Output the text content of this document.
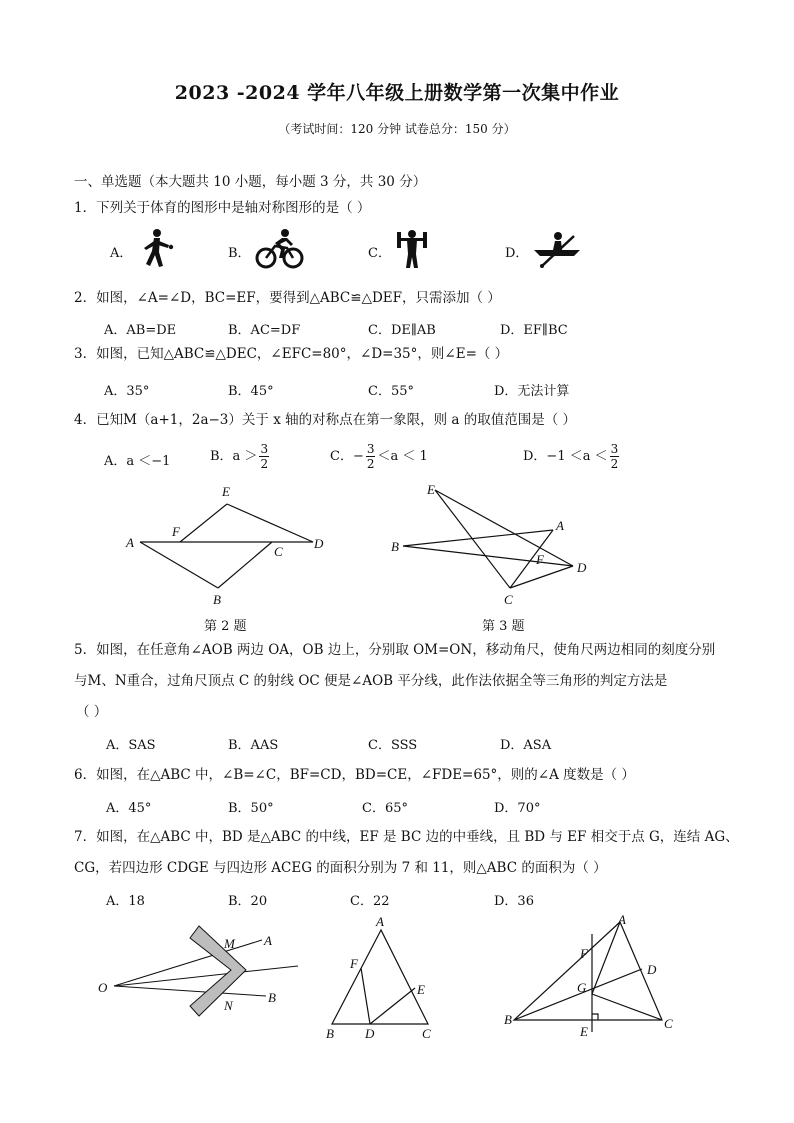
2023 -2024 学年八年级上册数学第一次集中作业
（考试时间：120 分钟 试卷总分：150 分）
一、单选题（本大题共 10 小题，每小题 3 分，共 30 分）
1．下列关于体育的图形中是轴对称图形的是（ ）
A．	B．	C．	D．
2．如图，∠A=∠D，BC=EF，要得到△ABC≌△DEF，只需添加（ ）
A．AB=DE	B．AC=DF	C．DE∥AB	D．EF∥BC
3．如图，已知△ABC≌△DEC，∠EFC=80°，∠D=35°，则∠E=（ ）
A．35°	B．45°	C．55°	D．无法计算
4．已知M（a+1，2a−3）关于 x 轴的对称点在第一象限，则 a 的取值范围是（ ）
A．a ＜−1	B．$a > \frac{3}{2}$	C．− $\frac{3}{2} <a < 1$	D．$-1 <a < \frac{3}{2}$
E
F
A
C
D
B
第 2 题
E
A
B
F
D
C
第 3 题
5．如图，在任意角∠AOB 两边 OA，OB 边上，分别取 OM=ON，移动角尺，使角尺两边相同的刻度分别
与M、N重合，过角尺顶点 C 的射线 OC 便是∠AOB 平分线，此作法依据全等三角形的判定方法是
（ ）
A．SAS	B．AAS	C．SSS	D．ASA
6．如图，在△ABC 中，∠B=∠C，BF=CD，BD=CE，∠FDE=65°，则的∠A 度数是（ ）
A．45°	B．50°	C．65°	D．70°
7．如图，在△ABC 中，BD 是△ABC 的中线，EF 是 BC 边的中垂线，且 BD 与 EF 相交于点 G，连结 AG、
CG，若四边形 CDGE 与四边形 ACEG 的面积分别为 7 和 11，则△ABC 的面积为（ ）
A．18	B．20	C．22	D．36
M A
O
N
B
A
F
E
B D	C
A
F
D
G
B
E
C
